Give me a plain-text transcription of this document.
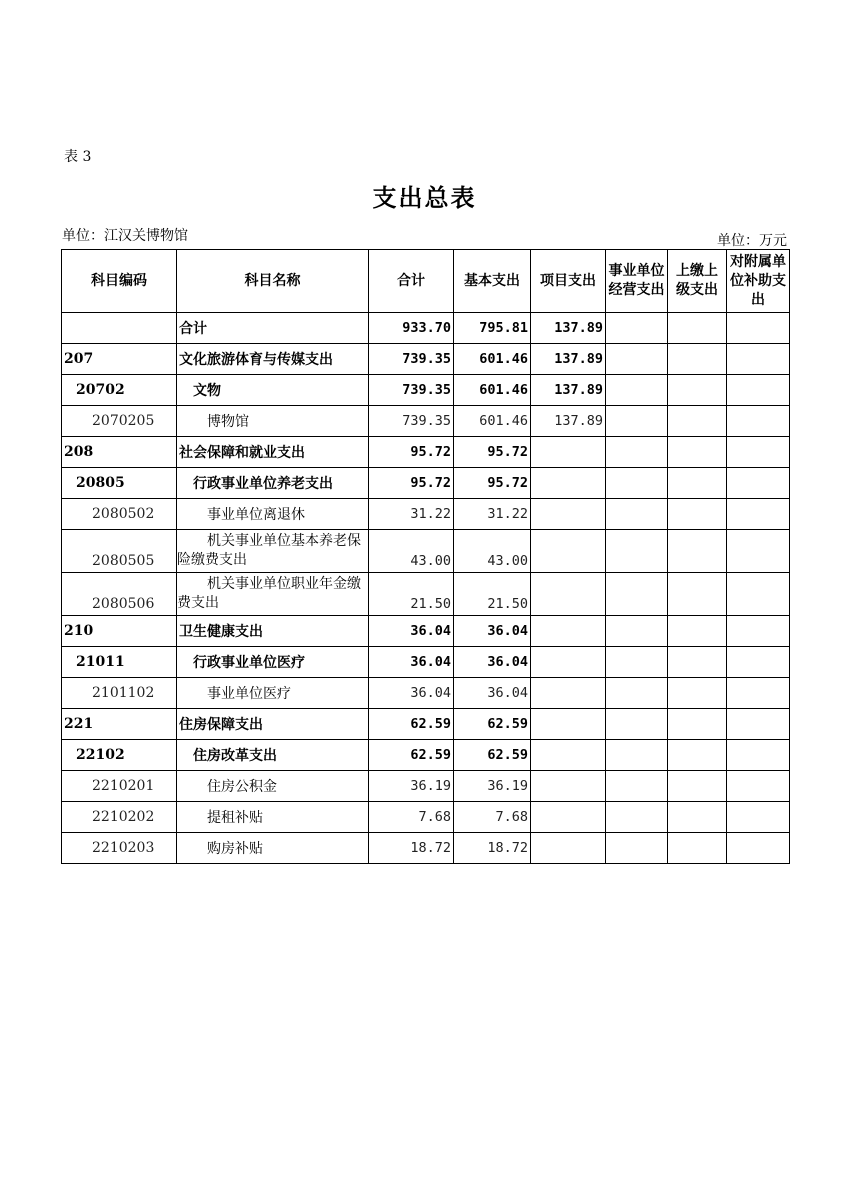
表 3
支出总表
单位：江汉关博物馆	单位：万元
科目编码	科目名称	合计	基本支出	项目支出	事业单位经营支出	上缴上级支出	对附属单位补助支出
	合计	933.70	795.81	137.89			
207	文化旅游体育与传媒支出	739.35	601.46	137.89			
20702	文物	739.35	601.46	137.89			
2070205	博物馆	739.35	601.46	137.89			
208	社会保障和就业支出	95.72	95.72				
20805	行政事业单位养老支出	95.72	95.72				
2080502	事业单位离退休	31.22	31.22				
2080505	机关事业单位基本养老保险缴费支出	43.00	43.00				
2080506	机关事业单位职业年金缴费支出	21.50	21.50				
210	卫生健康支出	36.04	36.04				
21011	行政事业单位医疗	36.04	36.04				
2101102	事业单位医疗	36.04	36.04				
221	住房保障支出	62.59	62.59				
22102	住房改革支出	62.59	62.59				
2210201	住房公积金	36.19	36.19				
2210202	提租补贴	7.68	7.68				
2210203	购房补贴	18.72	18.72				
